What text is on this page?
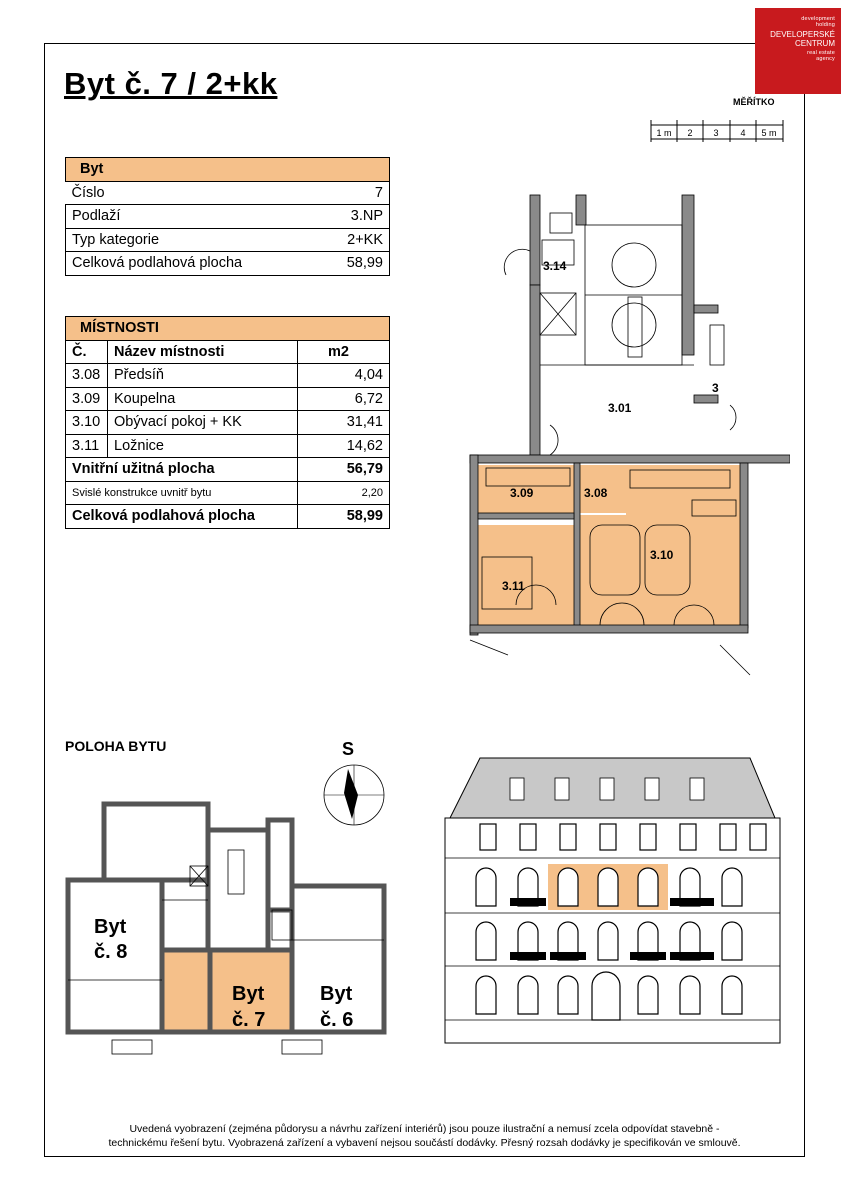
development
holding
DEVELOPERSKÉ
CENTRUM
real estate
agency
Byt č. 7 / 2+kk
MĚŘÍTKO
1 m 2 3 4 5 m
Byt	
Číslo	7
Podlaží	3.NP
Typ kategorie	2+KK
Celková podlahová plocha	58,99
MÍSTNOSTI		
Č.	Název místnosti	m2
3.08	Předsíň	4,04
3.09	Koupelna	6,72
3.10	Obývací pokoj + KK	31,41
3.11	Ložnice	14,62
Vnitřní užitná plocha		56,79
Svislé konstrukce uvnitř bytu		2,20
Celková podlahová plocha		58,99
3.14
3.01
3
3.09	3.08
3.10
3.11
POLOHA BYTU	S
Byt
č. 8
Byt
č. 7
Byt
č. 6
Uvedená vyobrazení (zejména půdorysu a návrhu zařízení interiérů) jsou pouze ilustrační a nemusí zcela odpovídat stavebně - technickému řešení bytu. Vyobrazená zařízení a vybavení nejsou součástí dodávky. Přesný rozsah dodávky je specifikován ve smlouvě.
